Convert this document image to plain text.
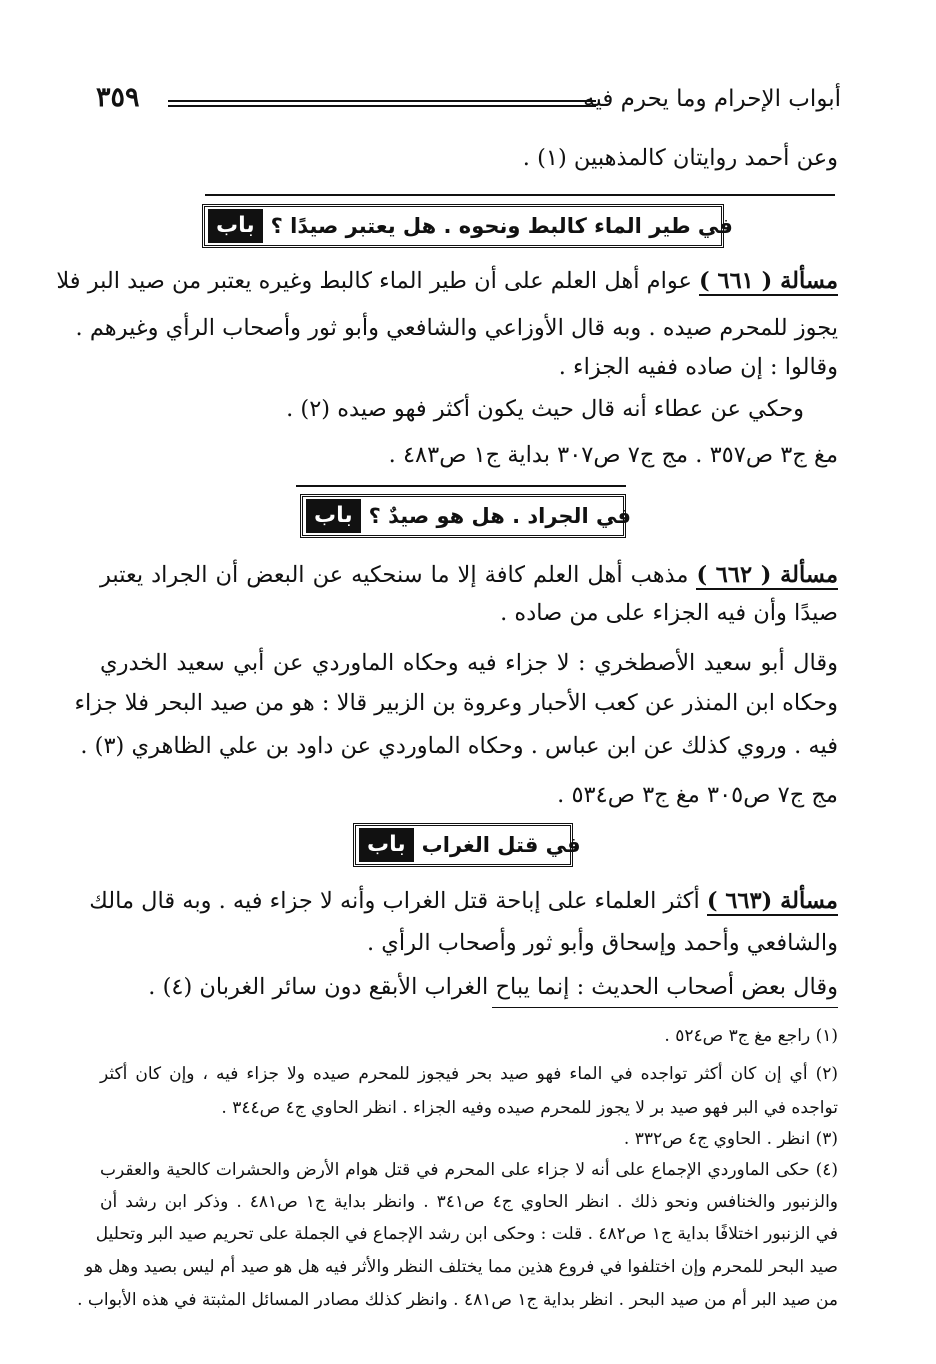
أبواب الإحرام وما يحرم فيه
٣٥٩
وعن أحمد روايتان كالمذهبين (١) .
باب في طير الماء كالبط ونحوه . هل يعتبر صيدًا ؟
مسألة ( ٦٦١ ) عوام أهل العلم على أن طير الماء كالبط وغيره يعتبر من صيد البر فلا
يجوز للمحرم صيده . وبه قال الأوزاعي والشافعي وأبو ثور وأصحاب الرأي وغيرهم .
وقالوا : إن صاده ففيه الجزاء .
وحكي عن عطاء أنه قال حيث يكون أكثر فهو صيده (٢) .
مغ ج٣ ص٣٥٧ . مج ج٧ ص٣٠٧ بداية ج١ ص٤٨٣ .
باب في الجراد . هل هو صيدٌ ؟
مسألة ( ٦٦٢ ) مذهب أهل العلم كافة إلا ما سنحكيه عن البعض أن الجراد يعتبر
صيدًا وأن فيه الجزاء على من صاده .
وقال أبو سعيد الأصطخري : لا جزاء فيه وحكاه الماوردي عن أبي سعيد الخدري
وحكاه ابن المنذر عن كعب الأحبار وعروة بن الزبير قالا : هو من صيد البحر فلا جزاء
فيه . وروي كذلك عن ابن عباس . وحكاه الماوردي عن داود بن علي الظاهري (٣) .
مج ج٧ ص٣٠٥ مغ ج٣ ص٥٣٤ .
باب في قتل الغراب
مسألة (٦٦٣ ) أكثر العلماء على إباحة قتل الغراب وأنه لا جزاء فيه . وبه قال مالك
والشافعي وأحمد وإسحاق وأبو ثور وأصحاب الرأي .
وقال بعض أصحاب الحديث : إنما يباح الغراب الأبقع دون سائر الغربان (٤) .
(١) راجع مغ ج٣ ص٥٢٤ .
(٢) أي إن كان أكثر تواجده في الماء فهو صيد بحر فيجوز للمحرم صيده ولا جزاء فيه ، وإن كان أكثر
تواجده في البر فهو صيد بر لا يجوز للمحرم صيده وفيه الجزاء . انظر الحاوي ج٤ ص٣٤٤ .
(٣) انظر . الحاوي ج٤ ص٣٣٢ .
(٤) حكى الماوردي الإجماع على أنه لا جزاء على المحرم في قتل هوام الأرض والحشرات كالحية والعقرب
والزنبور والخنافس ونحو ذلك . انظر الحاوي ج٤ ص٣٤١ . وانظر بداية ج١ ص٤٨١ . وذكر ابن رشد أن
في الزنبور اختلافًا بداية ج١ ص٤٨٢ . قلت : وحكى ابن رشد الإجماع في الجملة على تحريم صيد البر وتحليل
صيد البحر للمحرم وإن اختلفوا في فروع هذين مما يختلف النظر والأثر فيه هل هو صيد أم ليس بصيد وهل هو
من صيد البر أم من صيد البحر . انظر بداية ج١ ص٤٨١ . وانظر كذلك مصادر المسائل المثبتة في هذه الأبواب .
